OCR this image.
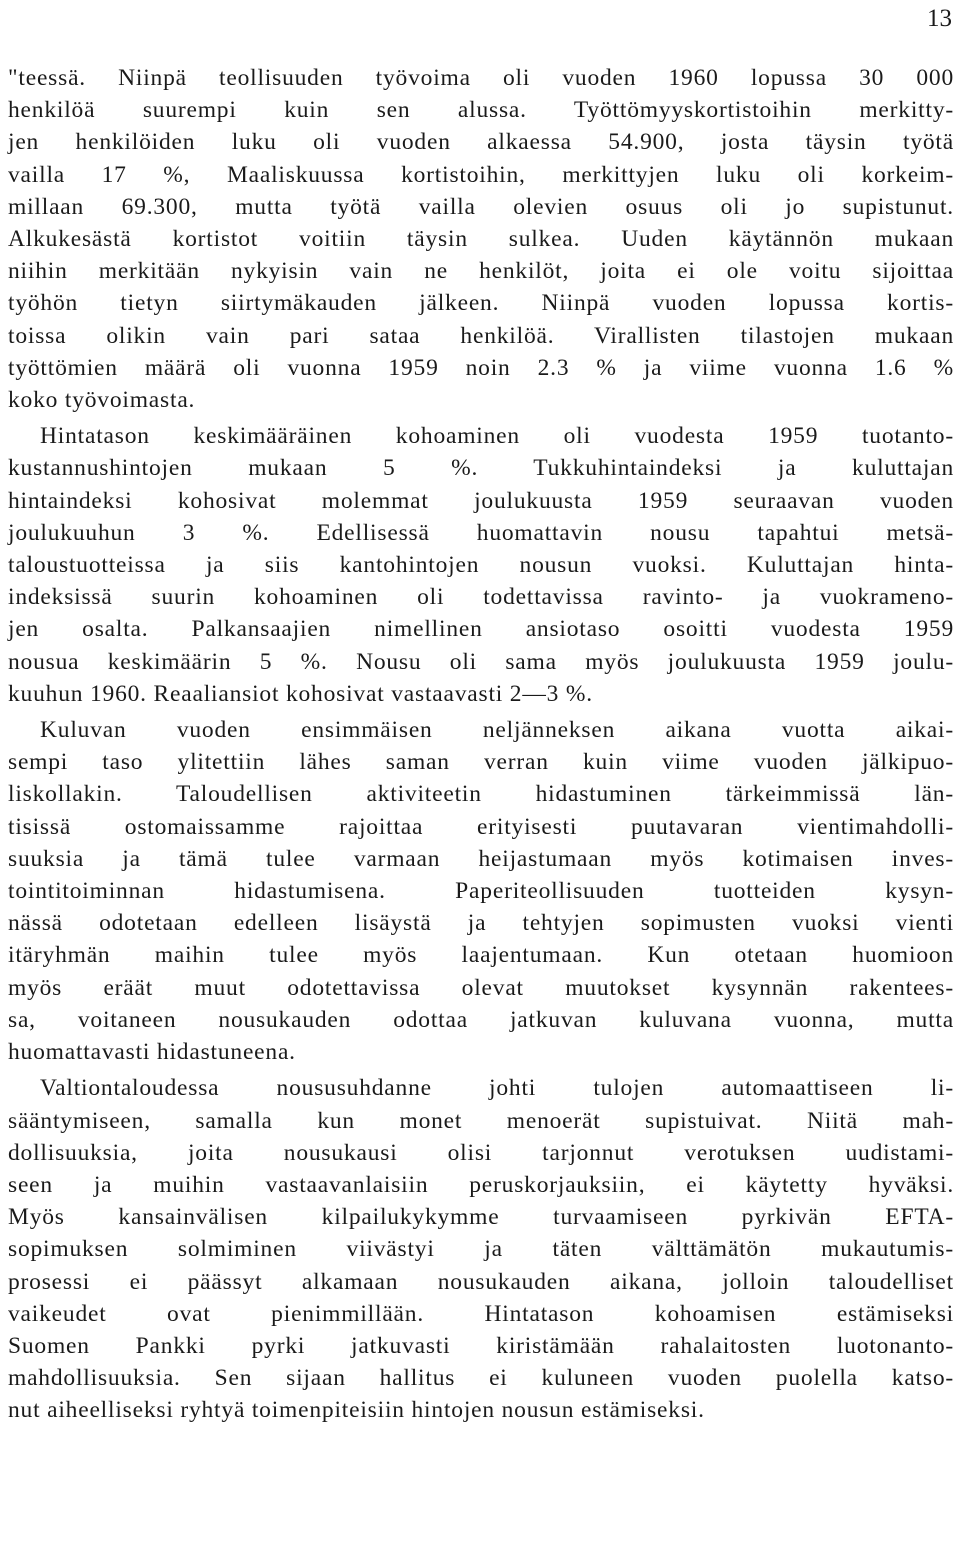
13
"teessä. Niinpä teollisuuden työvoima oli vuoden 1960 lopussa 30 000
henkilöä suurempi kuin sen alussa. Työttömyyskortistoihin merkitty-
jen henkilöiden luku oli vuoden alkaessa 54.900, josta täysin työtä
vailla 17 %, Maaliskuussa kortistoihin, merkittyjen luku oli korkeim-
millaan 69.300, mutta työtä vailla olevien osuus oli jo supistunut.
Alkukesästä kortistot voitiin täysin sulkea. Uuden käytännön mukaan
niihin merkitään nykyisin vain ne henkilöt, joita ei ole voitu sijoittaa
työhön tietyn siirtymäkauden jälkeen. Niinpä vuoden lopussa kortis-
toissa olikin vain pari sataa henkilöä. Virallisten tilastojen mukaan
työttömien määrä oli vuonna 1959 noin 2.3 % ja viime vuonna 1.6 %
koko työvoimasta.
Hintatason keskimääräinen kohoaminen oli vuodesta 1959 tuotanto-
kustannushintojen mukaan 5 %. Tukkuhintaindeksi ja kuluttajan
hintaindeksi kohosivat molemmat joulukuusta 1959 seuraavan vuoden
joulukuuhun 3 %. Edellisessä huomattavin nousu tapahtui metsä-
taloustuotteissa ja siis kantohintojen nousun vuoksi. Kuluttajan hinta-
indeksissä suurin kohoaminen oli todettavissa ravinto- ja vuokrameno-
jen osalta. Palkansaajien nimellinen ansiotaso osoitti vuodesta 1959
nousua keskimäärin 5 %. Nousu oli sama myös joulukuusta 1959 joulu-
kuuhun 1960. Reaaliansiot kohosivat vastaavasti 2—3 %.
Kuluvan vuoden ensimmäisen neljänneksen aikana vuotta aikai-
sempi taso ylitettiin lähes saman verran kuin viime vuoden jälkipuo-
liskollakin. Taloudellisen aktiviteetin hidastuminen tärkeimmissä län-
tisissä ostomaissamme rajoittaa erityisesti puutavaran vientimahdolli-
suuksia ja tämä tulee varmaan heijastumaan myös kotimaisen inves-
tointitoiminnan hidastumisena. Paperiteollisuuden tuotteiden kysyn-
nässä odotetaan edelleen lisäystä ja tehtyjen sopimusten vuoksi vienti
itäryhmän maihin tulee myös laajentumaan. Kun otetaan huomioon
myös eräät muut odotettavissa olevat muutokset kysynnän rakentees-
sa, voitaneen nousukauden odottaa jatkuvan kuluvana vuonna, mutta
huomattavasti hidastuneena.
Valtiontaloudessa noususuhdanne johti tulojen automaattiseen li-
sääntymiseen, samalla kun monet menoerät supistuivat. Niitä mah-
dollisuuksia, joita nousukausi olisi tarjonnut verotuksen uudistami-
seen ja muihin vastaavanlaisiin peruskorjauksiin, ei käytetty hyväksi.
Myös kansainvälisen kilpailukykymme turvaamiseen pyrkivän EFTA-
sopimuksen solmiminen viivästyi ja täten välttämätön mukautumis-
prosessi ei päässyt alkamaan nousukauden aikana, jolloin taloudelliset
vaikeudet ovat pienimmillään. Hintatason kohoamisen estämiseksi
Suomen Pankki pyrki jatkuvasti kiristämään rahalaitosten luotonanto-
mahdollisuuksia. Sen sijaan hallitus ei kuluneen vuoden puolella katso-
nut aiheelliseksi ryhtyä toimenpiteisiin hintojen nousun estämiseksi.
